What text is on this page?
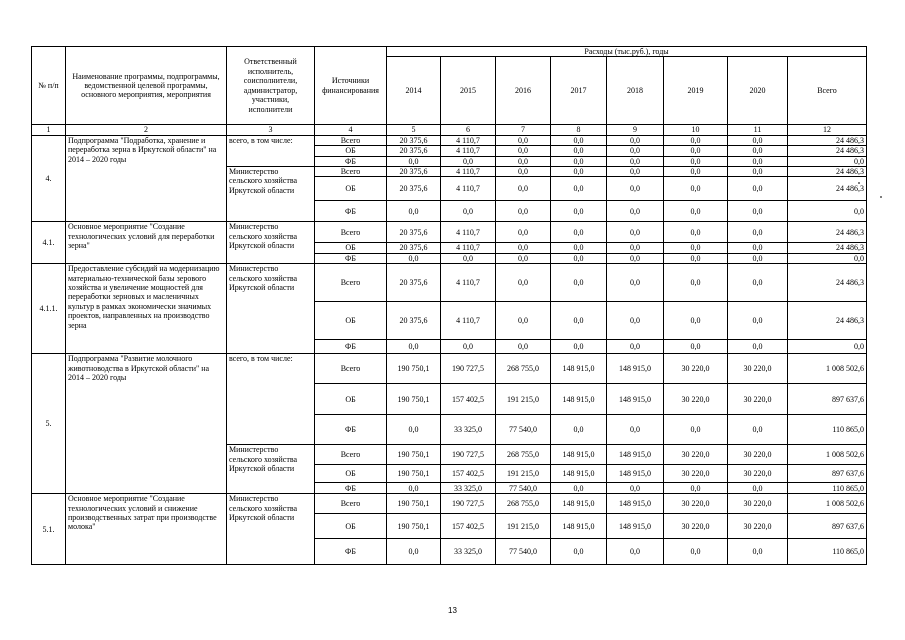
№ п/п	Наименование программы, подпрограммы, ведомственной целевой программы, основного мероприятия, мероприятия	Ответственный исполнитель, соисполнители, администратор, участники, исполнители	Источники финансирования	Расходы (тыс.руб.), годы							
				2014	2015	2016	2017	2018	2019	2020	Всего
1	2	3	4	5	6	7	8	9	10	11	12
4.	Подпрограмма "Подработка, хранение и переработка зерна в Иркутской области" на 2014 – 2020 годы	всего, в том числе:	Всего	20 375,6	4 110,7	0,0	0,0	0,0	0,0	0,0	24 486,3
			ОБ	20 375,6	4 110,7	0,0	0,0	0,0	0,0	0,0	24 486,3
			ФБ	0,0	0,0	0,0	0,0	0,0	0,0	0,0	0,0
		Министерство сельского хозяйства Иркутской области	Всего	20 375,6	4 110,7	0,0	0,0	0,0	0,0	0,0	24 486,3
			ОБ	20 375,6	4 110,7	0,0	0,0	0,0	0,0	0,0	24 486,3
			ФБ	0,0	0,0	0,0	0,0	0,0	0,0	0,0	0,0
4.1.	Основное мероприятие "Создание технологических условий для переработки зерна"	Министерство сельского хозяйства Иркутской области	Всего	20 375,6	4 110,7	0,0	0,0	0,0	0,0	0,0	24 486,3
			ОБ	20 375,6	4 110,7	0,0	0,0	0,0	0,0	0,0	24 486,3
			ФБ	0,0	0,0	0,0	0,0	0,0	0,0	0,0	0,0
4.1.1.	Предоставление субсидий на модернизацию материально-технической базы зерового хозяйства и увеличение мощностей для переработки зерновых и масленичных культур в рамках экономически значимых проектов, направленных на производство зерна	Министерство сельского хозяйства Иркутской области	Всего	20 375,6	4 110,7	0,0	0,0	0,0	0,0	0,0	24 486,3
			ОБ	20 375,6	4 110,7	0,0	0,0	0,0	0,0	0,0	24 486,3
			ФБ	0,0	0,0	0,0	0,0	0,0	0,0	0,0	0,0
5.	Подпрограмма "Развитие молочного животноводства в Иркутской области" на 2014 – 2020 годы	всего, в том числе:	Всего	190 750,1	190 727,5	268 755,0	148 915,0	148 915,0	30 220,0	30 220,0	1 008 502,6
			ОБ	190 750,1	157 402,5	191 215,0	148 915,0	148 915,0	30 220,0	30 220,0	897 637,6
			ФБ	0,0	33 325,0	77 540,0	0,0	0,0	0,0	0,0	110 865,0
		Министерство сельского хозяйства Иркутской области	Всего	190 750,1	190 727,5	268 755,0	148 915,0	148 915,0	30 220,0	30 220,0	1 008 502,6
			ОБ	190 750,1	157 402,5	191 215,0	148 915,0	148 915,0	30 220,0	30 220,0	897 637,6
			ФБ	0,0	33 325,0	77 540,0	0,0	0,0	0,0	0,0	110 865,0
5.1.	Основное мероприятие "Создание технологических условий и снижение производственных затрат при производстве молока"	Министерство сельского хозяйства Иркутской области	Всего	190 750,1	190 727,5	268 755,0	148 915,0	148 915,0	30 220,0	30 220,0	1 008 502,6
			ОБ	190 750,1	157 402,5	191 215,0	148 915,0	148 915,0	30 220,0	30 220,0	897 637,6
			ФБ	0,0	33 325,0	77 540,0	0,0	0,0	0,0	0,0	110 865,0
13
